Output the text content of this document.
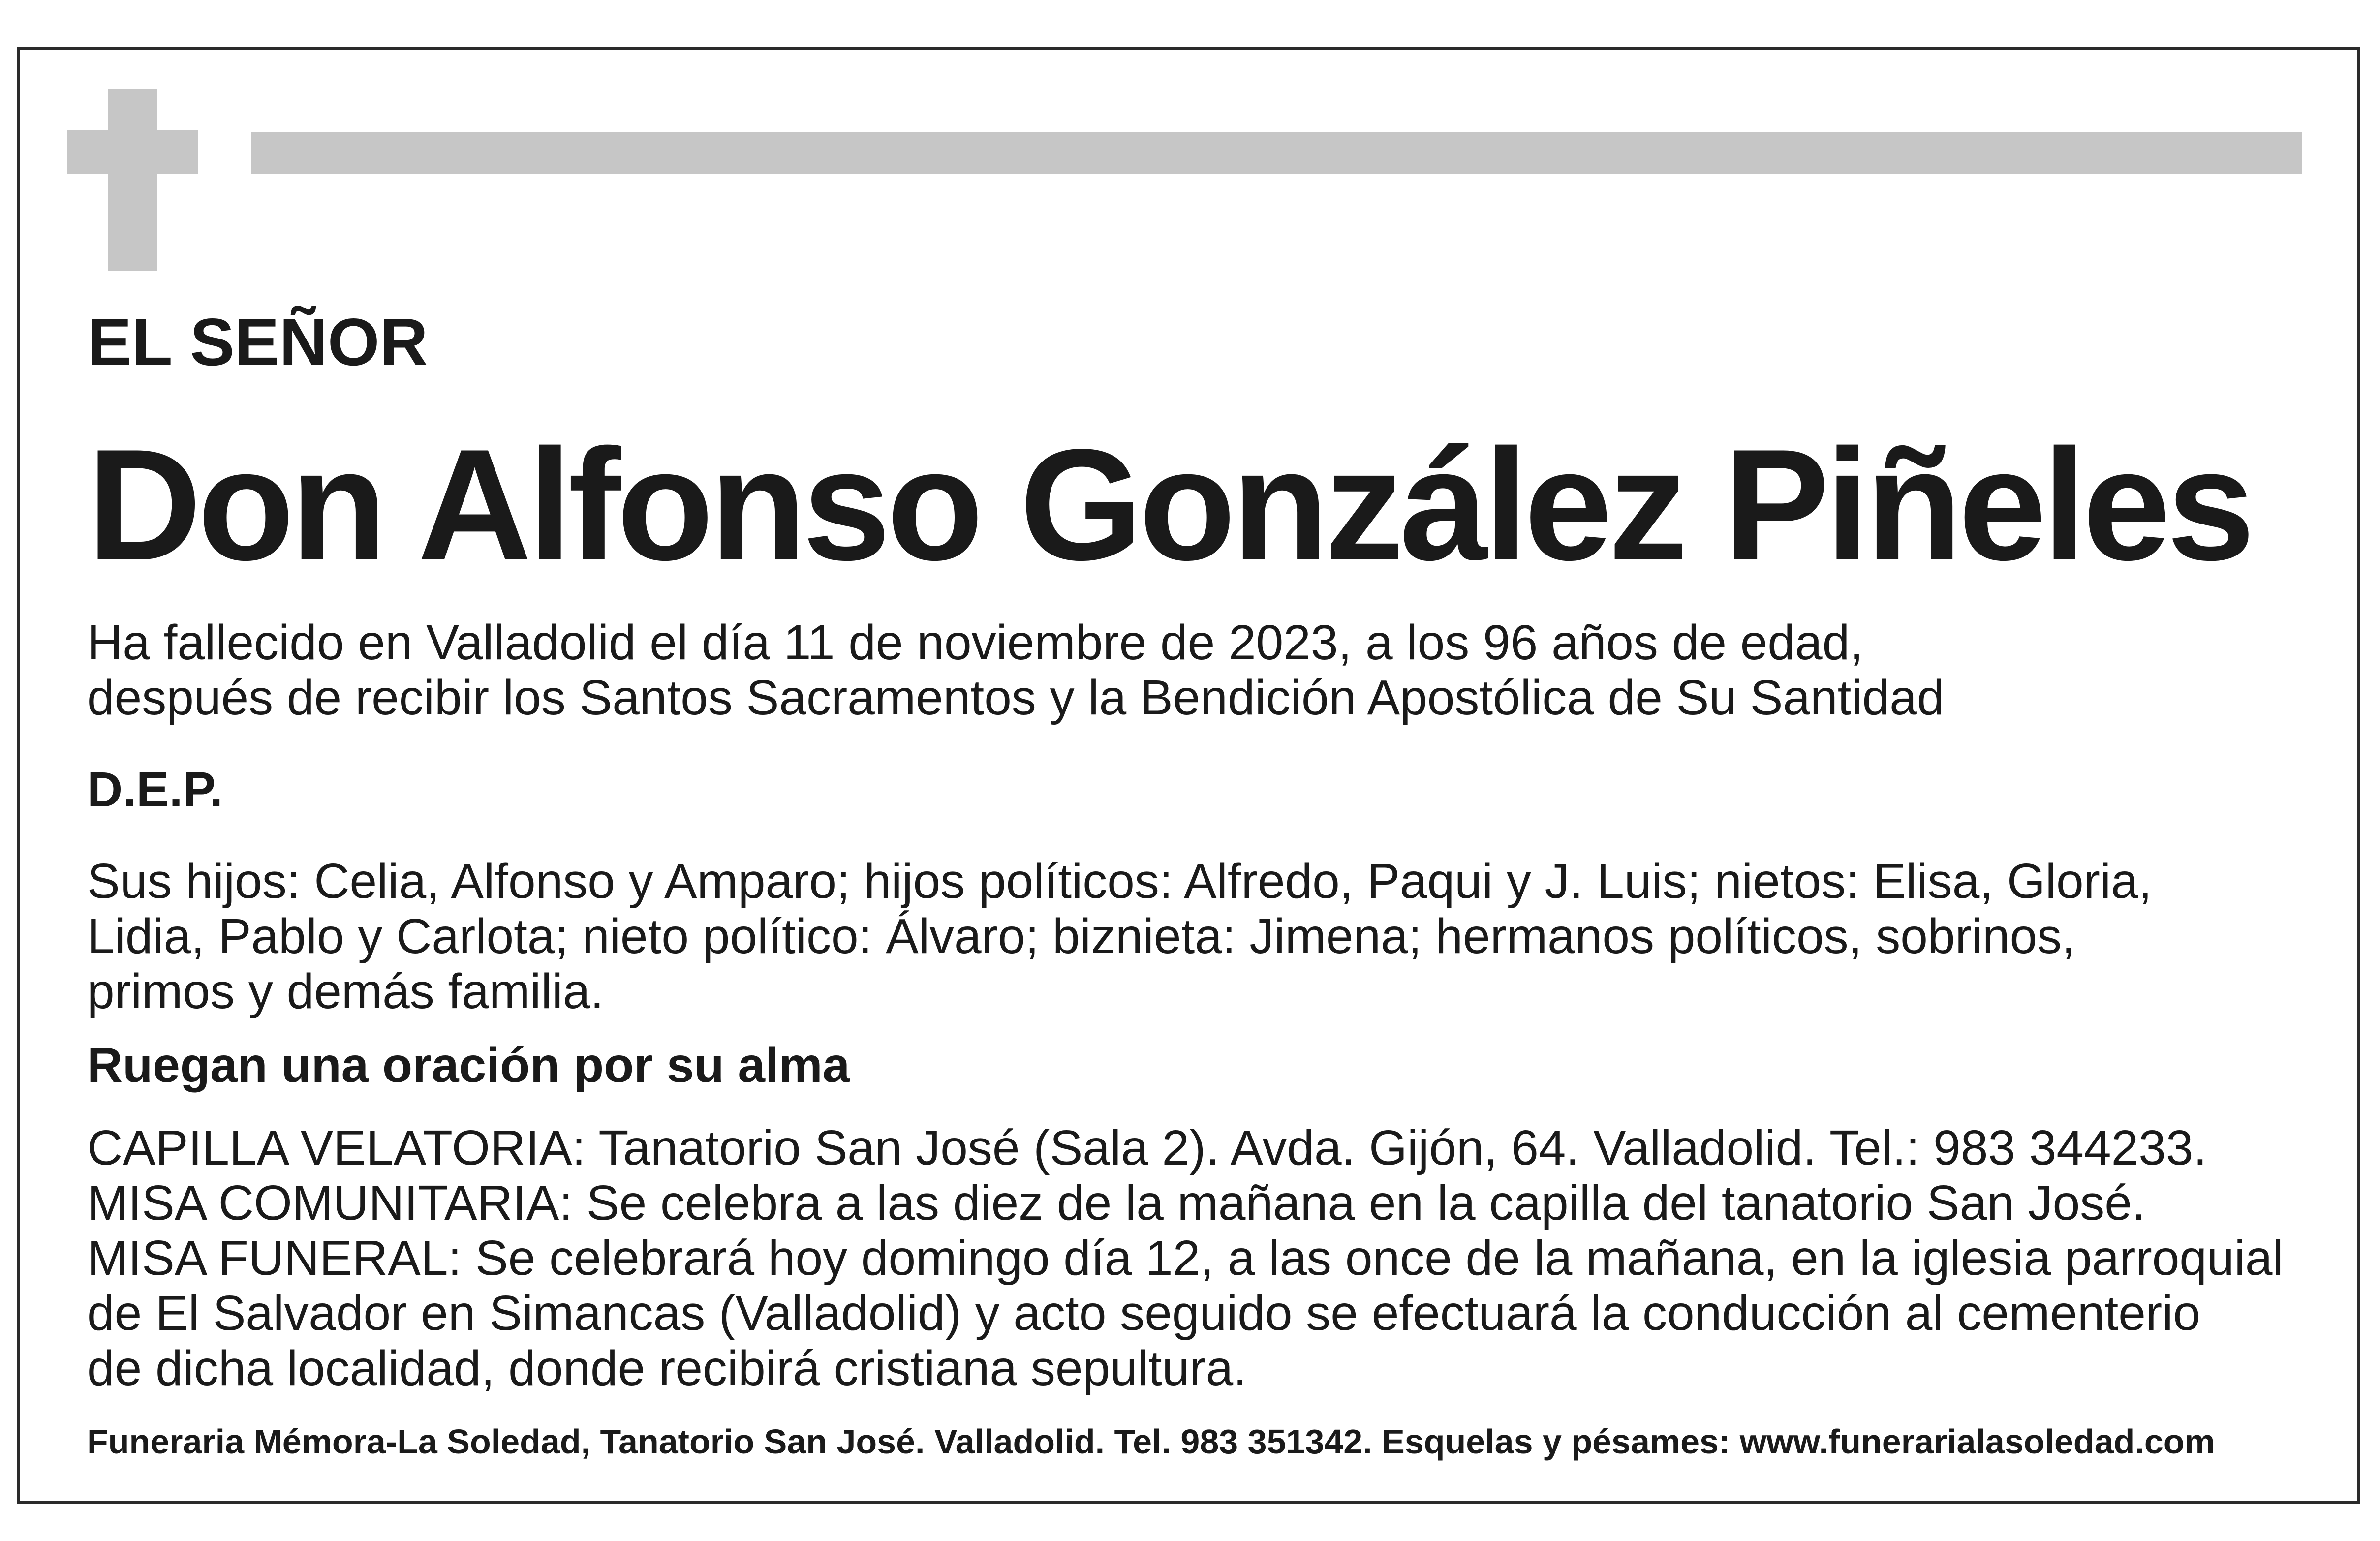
EL SEÑOR
Don Alfonso González Piñeles
Ha fallecido en Valladolid el día 11 de noviembre de 2023, a los 96 años de edad,
después de recibir los Santos Sacramentos y la Bendición Apostólica de Su Santidad
D.E.P.
Sus hijos: Celia, Alfonso y Amparo; hijos políticos: Alfredo, Paqui y J. Luis; nietos: Elisa, Gloria,
Lidia, Pablo y Carlota; nieto político: Álvaro; biznieta: Jimena; hermanos políticos, sobrinos,
primos y demás familia.
Ruegan una oración por su alma
CAPILLA VELATORIA: Tanatorio San José (Sala 2). Avda. Gijón, 64. Valladolid. Tel.: 983 344233.
MISA COMUNITARIA: Se celebra a las diez de la mañana en la capilla del tanatorio San José.
MISA FUNERAL: Se celebrará hoy domingo día 12, a las once de la mañana, en la iglesia parroquial
de El Salvador en Simancas (Valladolid) y acto seguido se efectuará la conducción al cementerio
de dicha localidad, donde recibirá cristiana sepultura.
Funeraria Mémora-La Soledad, Tanatorio San José. Valladolid. Tel. 983 351342. Esquelas y pésames: www.funerarialasoledad.com
